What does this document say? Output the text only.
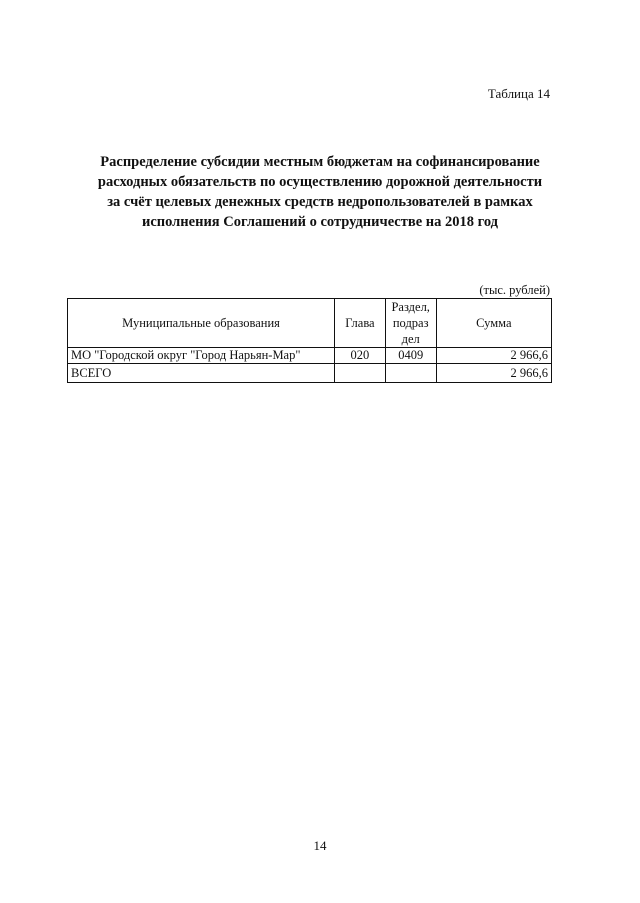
Таблица 14
Распределение субсидии местным бюджетам на софинансирование
расходных обязательств по осуществлению дорожной деятельности
за счёт целевых денежных средств недропользователей в рамках
исполнения Соглашений о сотрудничестве на 2018 год
(тыс. рублей)
Муниципальные образования	Глава	Раздел,
подраз
дел	Сумма
МО "Городской округ "Город Нарьян-Мар"	020	0409	2 966,6
ВСЕГО			2 966,6
14
